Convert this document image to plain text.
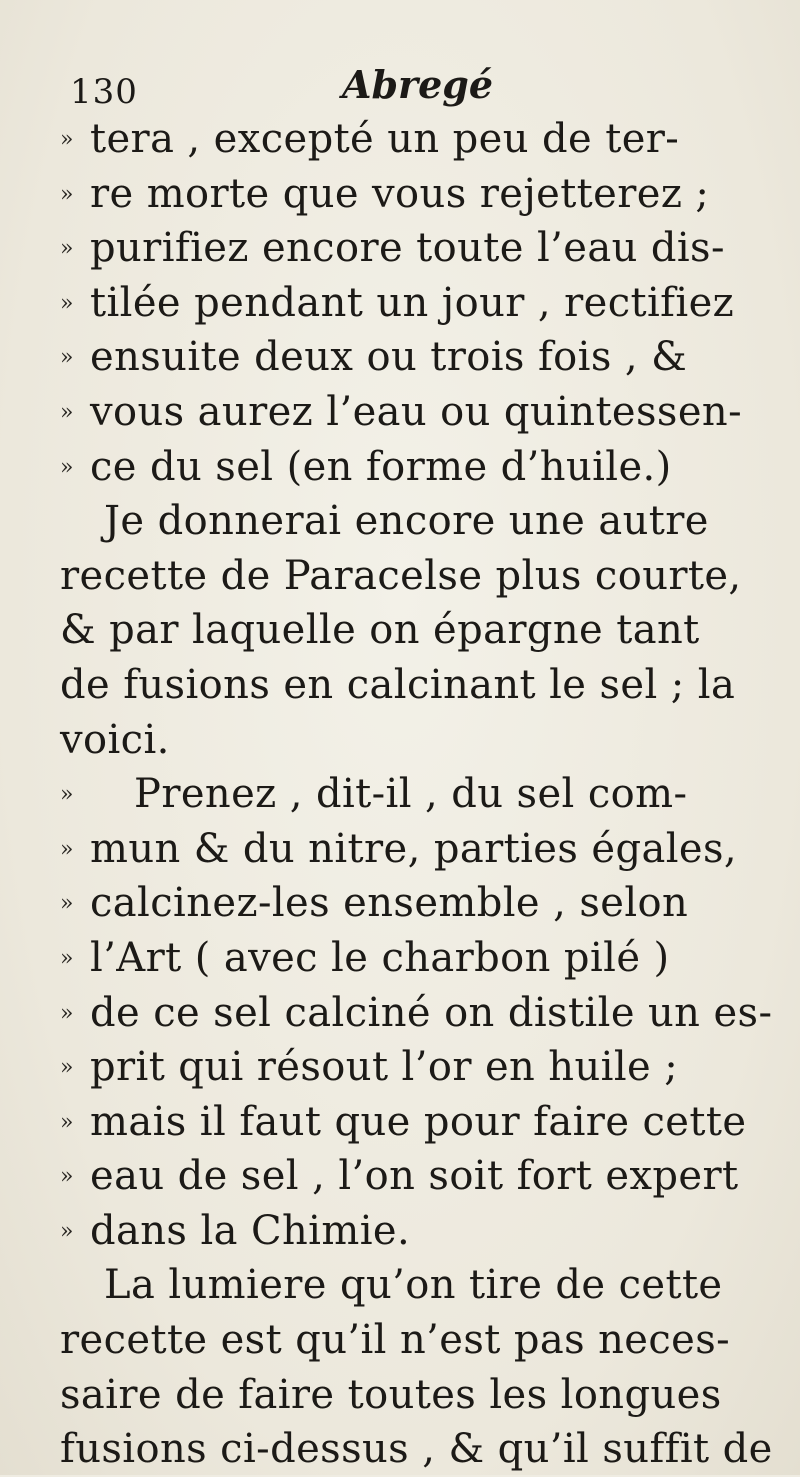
130	Abregé
» tera , excepté un peu de ter-
» re morte que vous rejetterez ;
» purifiez encore toute l’eau dis-
» tilée pendant un jour , rectifiez
» ensuite deux ou trois fois , &
» vous aurez l’eau ou quintessen-
» ce du sel (en forme d’huile.)
Je donnerai encore une autre
recette de Paracelse plus courte,
& par laquelle on épargne tant
de fusions en calcinant le sel ; la
voici.
» Prenez , dit-il , du sel com-
» mun & du nitre, parties égales,
» calcinez-les ensemble , selon
» l’Art ( avec le charbon pilé )
» de ce sel calciné on distile un es-
» prit qui résout l’or en huile ;
» mais il faut que pour faire cette
» eau de sel , l’on soit fort expert
» dans la Chimie.
La lumiere qu’on tire de cette
recette est qu’il n’est pas neces-
saire de faire toutes les longues
fusions ci-dessus , & qu’il suffit de
